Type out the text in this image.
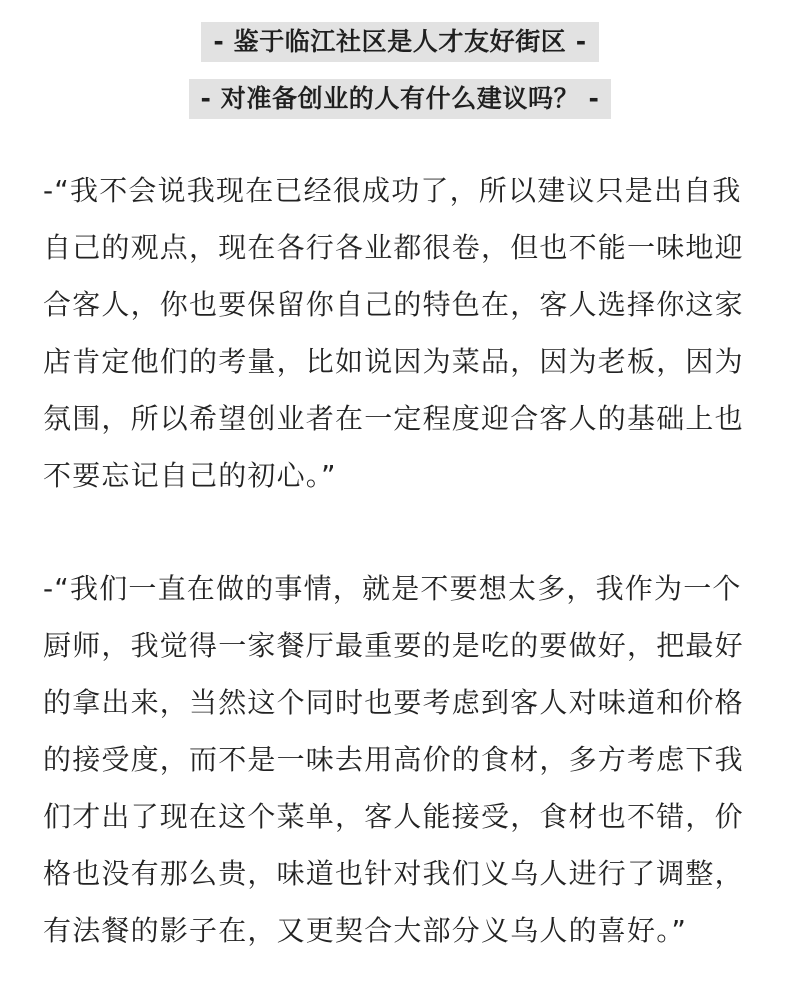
- 鉴于临江社区是人才友好街区 -
- 对准备创业的人有什么建议吗？ -

-“我不会说我现在已经很成功了，所以建议只是出自我自己的观点，现在各行各业都很卷，但也不能一味地迎合客人，你也要保留你自己的特色在，客人选择你这家店肯定他们的考量，比如说因为菜品，因为老板，因为氛围，所以希望创业者在一定程度迎合客人的基础上也不要忘记自己的初心。”

-“我们一直在做的事情，就是不要想太多，我作为一个厨师，我觉得一家餐厅最重要的是吃的要做好，把最好的拿出来，当然这个同时也要考虑到客人对味道和价格的接受度，而不是一味去用高价的食材，多方考虑下我们才出了现在这个菜单，客人能接受，食材也不错，价格也没有那么贵，味道也针对我们义乌人进行了调整，有法餐的影子在，又更契合大部分义乌人的喜好。”
